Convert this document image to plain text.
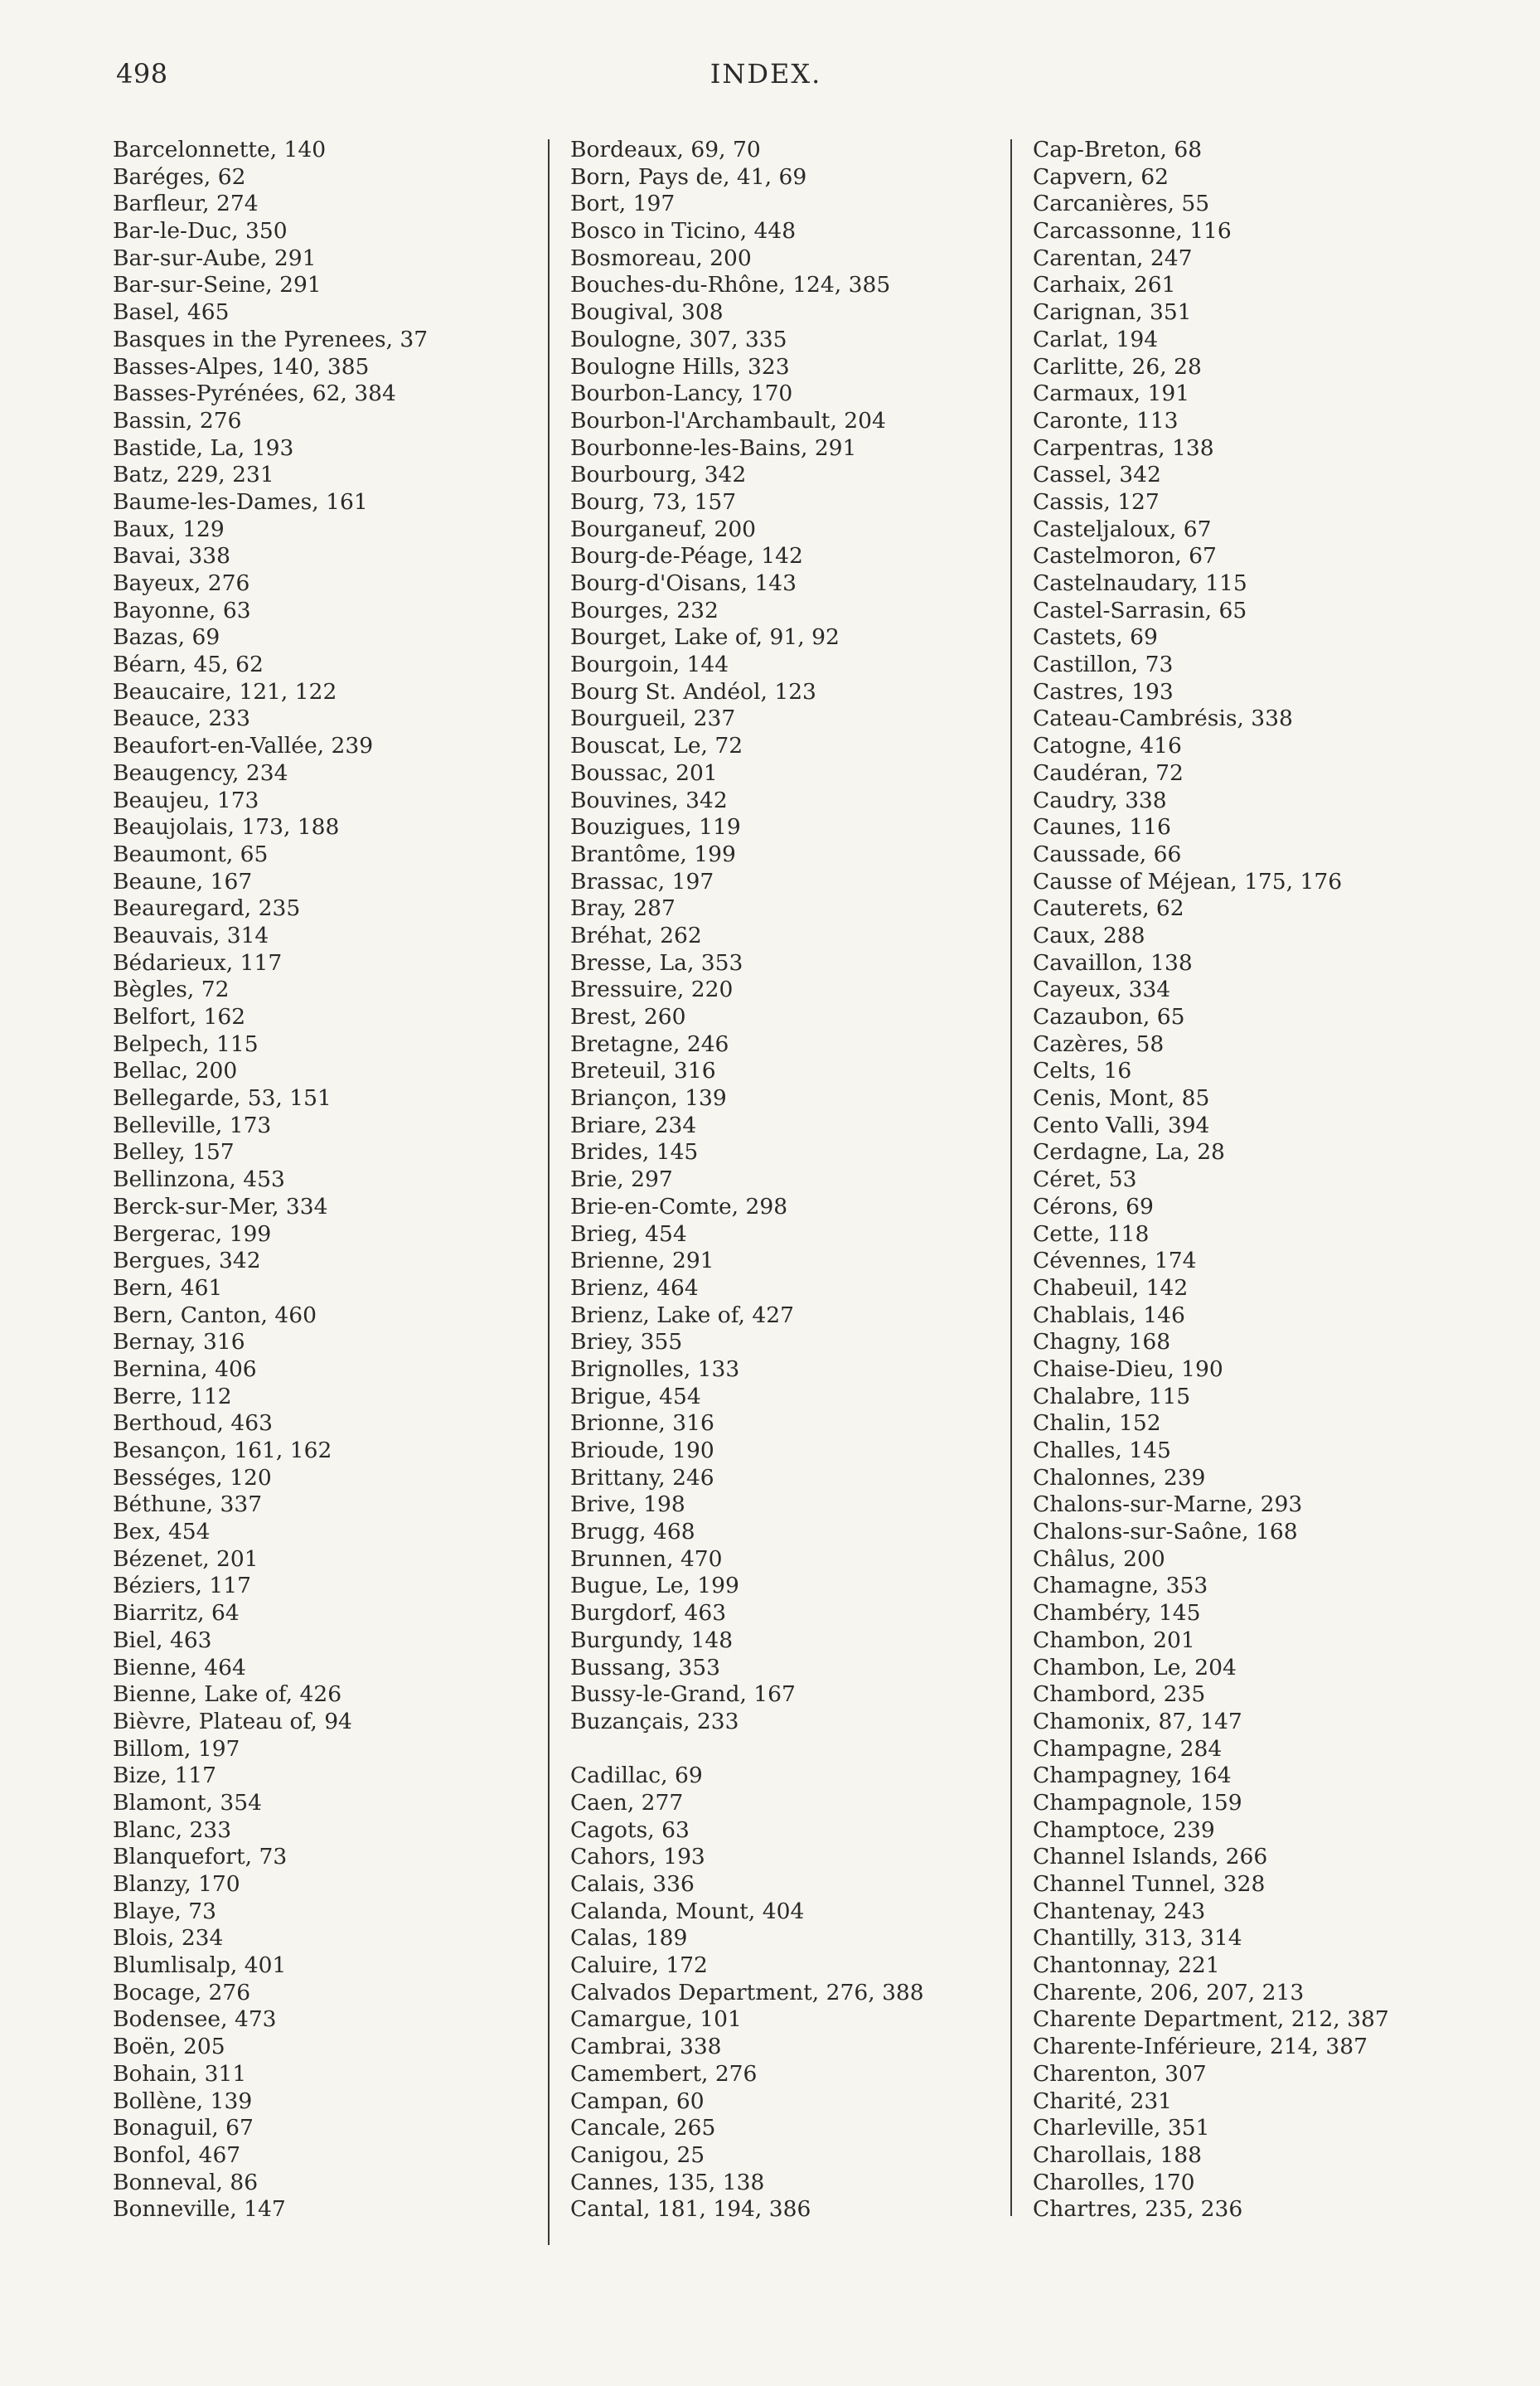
498	INDEX.
Barcelonnette, 140
Baréges, 62
Barfleur, 274
Bar-le-Duc, 350
Bar-sur-Aube, 291
Bar-sur-Seine, 291
Basel, 465
Basques in the Pyrenees, 37
Basses-Alpes, 140, 385
Basses-Pyrénées, 62, 384
Bassin, 276
Bastide, La, 193
Batz, 229, 231
Baume-les-Dames, 161
Baux, 129
Bavai, 338
Bayeux, 276
Bayonne, 63
Bazas, 69
Béarn, 45, 62
Beaucaire, 121, 122
Beauce, 233
Beaufort-en-Vallée, 239
Beaugency, 234
Beaujeu, 173
Beaujolais, 173, 188
Beaumont, 65
Beaune, 167
Beauregard, 235
Beauvais, 314
Bédarieux, 117
Bègles, 72
Belfort, 162
Belpech, 115
Bellac, 200
Bellegarde, 53, 151
Belleville, 173
Belley, 157
Bellinzona, 453
Berck-sur-Mer, 334
Bergerac, 199
Bergues, 342
Bern, 461
Bern, Canton, 460
Bernay, 316
Bernina, 406
Berre, 112
Berthoud, 463
Besançon, 161, 162
Bességes, 120
Béthune, 337
Bex, 454
Bézenet, 201
Béziers, 117
Biarritz, 64
Biel, 463
Bienne, 464
Bienne, Lake of, 426
Bièvre, Plateau of, 94
Billom, 197
Bize, 117
Blamont, 354
Blanc, 233
Blanquefort, 73
Blanzy, 170
Blaye, 73
Blois, 234
Blumlisalp, 401
Bocage, 276
Bodensee, 473
Boën, 205
Bohain, 311
Bollène, 139
Bonaguil, 67
Bonfol, 467
Bonneval, 86
Bonneville, 147
Bordeaux, 69, 70
Born, Pays de, 41, 69
Bort, 197
Bosco in Ticino, 448
Bosmoreau, 200
Bouches-du-Rhône, 124, 385
Bougival, 308
Boulogne, 307, 335
Boulogne Hills, 323
Bourbon-Lancy, 170
Bourbon-l'Archambault, 204
Bourbonne-les-Bains, 291
Bourbourg, 342
Bourg, 73, 157
Bourganeuf, 200
Bourg-de-Péage, 142
Bourg-d'Oisans, 143
Bourges, 232
Bourget, Lake of, 91, 92
Bourgoin, 144
Bourg St. Andéol, 123
Bourgueil, 237
Bouscat, Le, 72
Boussac, 201
Bouvines, 342
Bouzigues, 119
Brantôme, 199
Brassac, 197
Bray, 287
Bréhat, 262
Bresse, La, 353
Bressuire, 220
Brest, 260
Bretagne, 246
Breteuil, 316
Briançon, 139
Briare, 234
Brides, 145
Brie, 297
Brie-en-Comte, 298
Brieg, 454
Brienne, 291
Brienz, 464
Brienz, Lake of, 427
Briey, 355
Brignolles, 133
Brigue, 454
Brionne, 316
Brioude, 190
Brittany, 246
Brive, 198
Brugg, 468
Brunnen, 470
Bugue, Le, 199
Burgdorf, 463
Burgundy, 148
Bussang, 353
Bussy-le-Grand, 167
Buzançais, 233
Cadillac, 69
Caen, 277
Cagots, 63
Cahors, 193
Calais, 336
Calanda, Mount, 404
Calas, 189
Caluire, 172
Calvados Department, 276, 388
Camargue, 101
Cambrai, 338
Camembert, 276
Campan, 60
Cancale, 265
Canigou, 25
Cannes, 135, 138
Cantal, 181, 194, 386
Cap-Breton, 68
Capvern, 62
Carcanières, 55
Carcassonne, 116
Carentan, 247
Carhaix, 261
Carignan, 351
Carlat, 194
Carlitte, 26, 28
Carmaux, 191
Caronte, 113
Carpentras, 138
Cassel, 342
Cassis, 127
Casteljaloux, 67
Castelmoron, 67
Castelnaudary, 115
Castel-Sarrasin, 65
Castets, 69
Castillon, 73
Castres, 193
Cateau-Cambrésis, 338
Catogne, 416
Caudéran, 72
Caudry, 338
Caunes, 116
Caussade, 66
Causse of Méjean, 175, 176
Cauterets, 62
Caux, 288
Cavaillon, 138
Cayeux, 334
Cazaubon, 65
Cazères, 58
Celts, 16
Cenis, Mont, 85
Cento Valli, 394
Cerdagne, La, 28
Céret, 53
Cérons, 69
Cette, 118
Cévennes, 174
Chabeuil, 142
Chablais, 146
Chagny, 168
Chaise-Dieu, 190
Chalabre, 115
Chalin, 152
Challes, 145
Chalonnes, 239
Chalons-sur-Marne, 293
Chalons-sur-Saône, 168
Châlus, 200
Chamagne, 353
Chambéry, 145
Chambon, 201
Chambon, Le, 204
Chambord, 235
Chamonix, 87, 147
Champagne, 284
Champagney, 164
Champagnole, 159
Champtoce, 239
Channel Islands, 266
Channel Tunnel, 328
Chantenay, 243
Chantilly, 313, 314
Chantonnay, 221
Charente, 206, 207, 213
Charente Department, 212, 387
Charente-Inférieure, 214, 387
Charenton, 307
Charité, 231
Charleville, 351
Charollais, 188
Charolles, 170
Chartres, 235, 236
